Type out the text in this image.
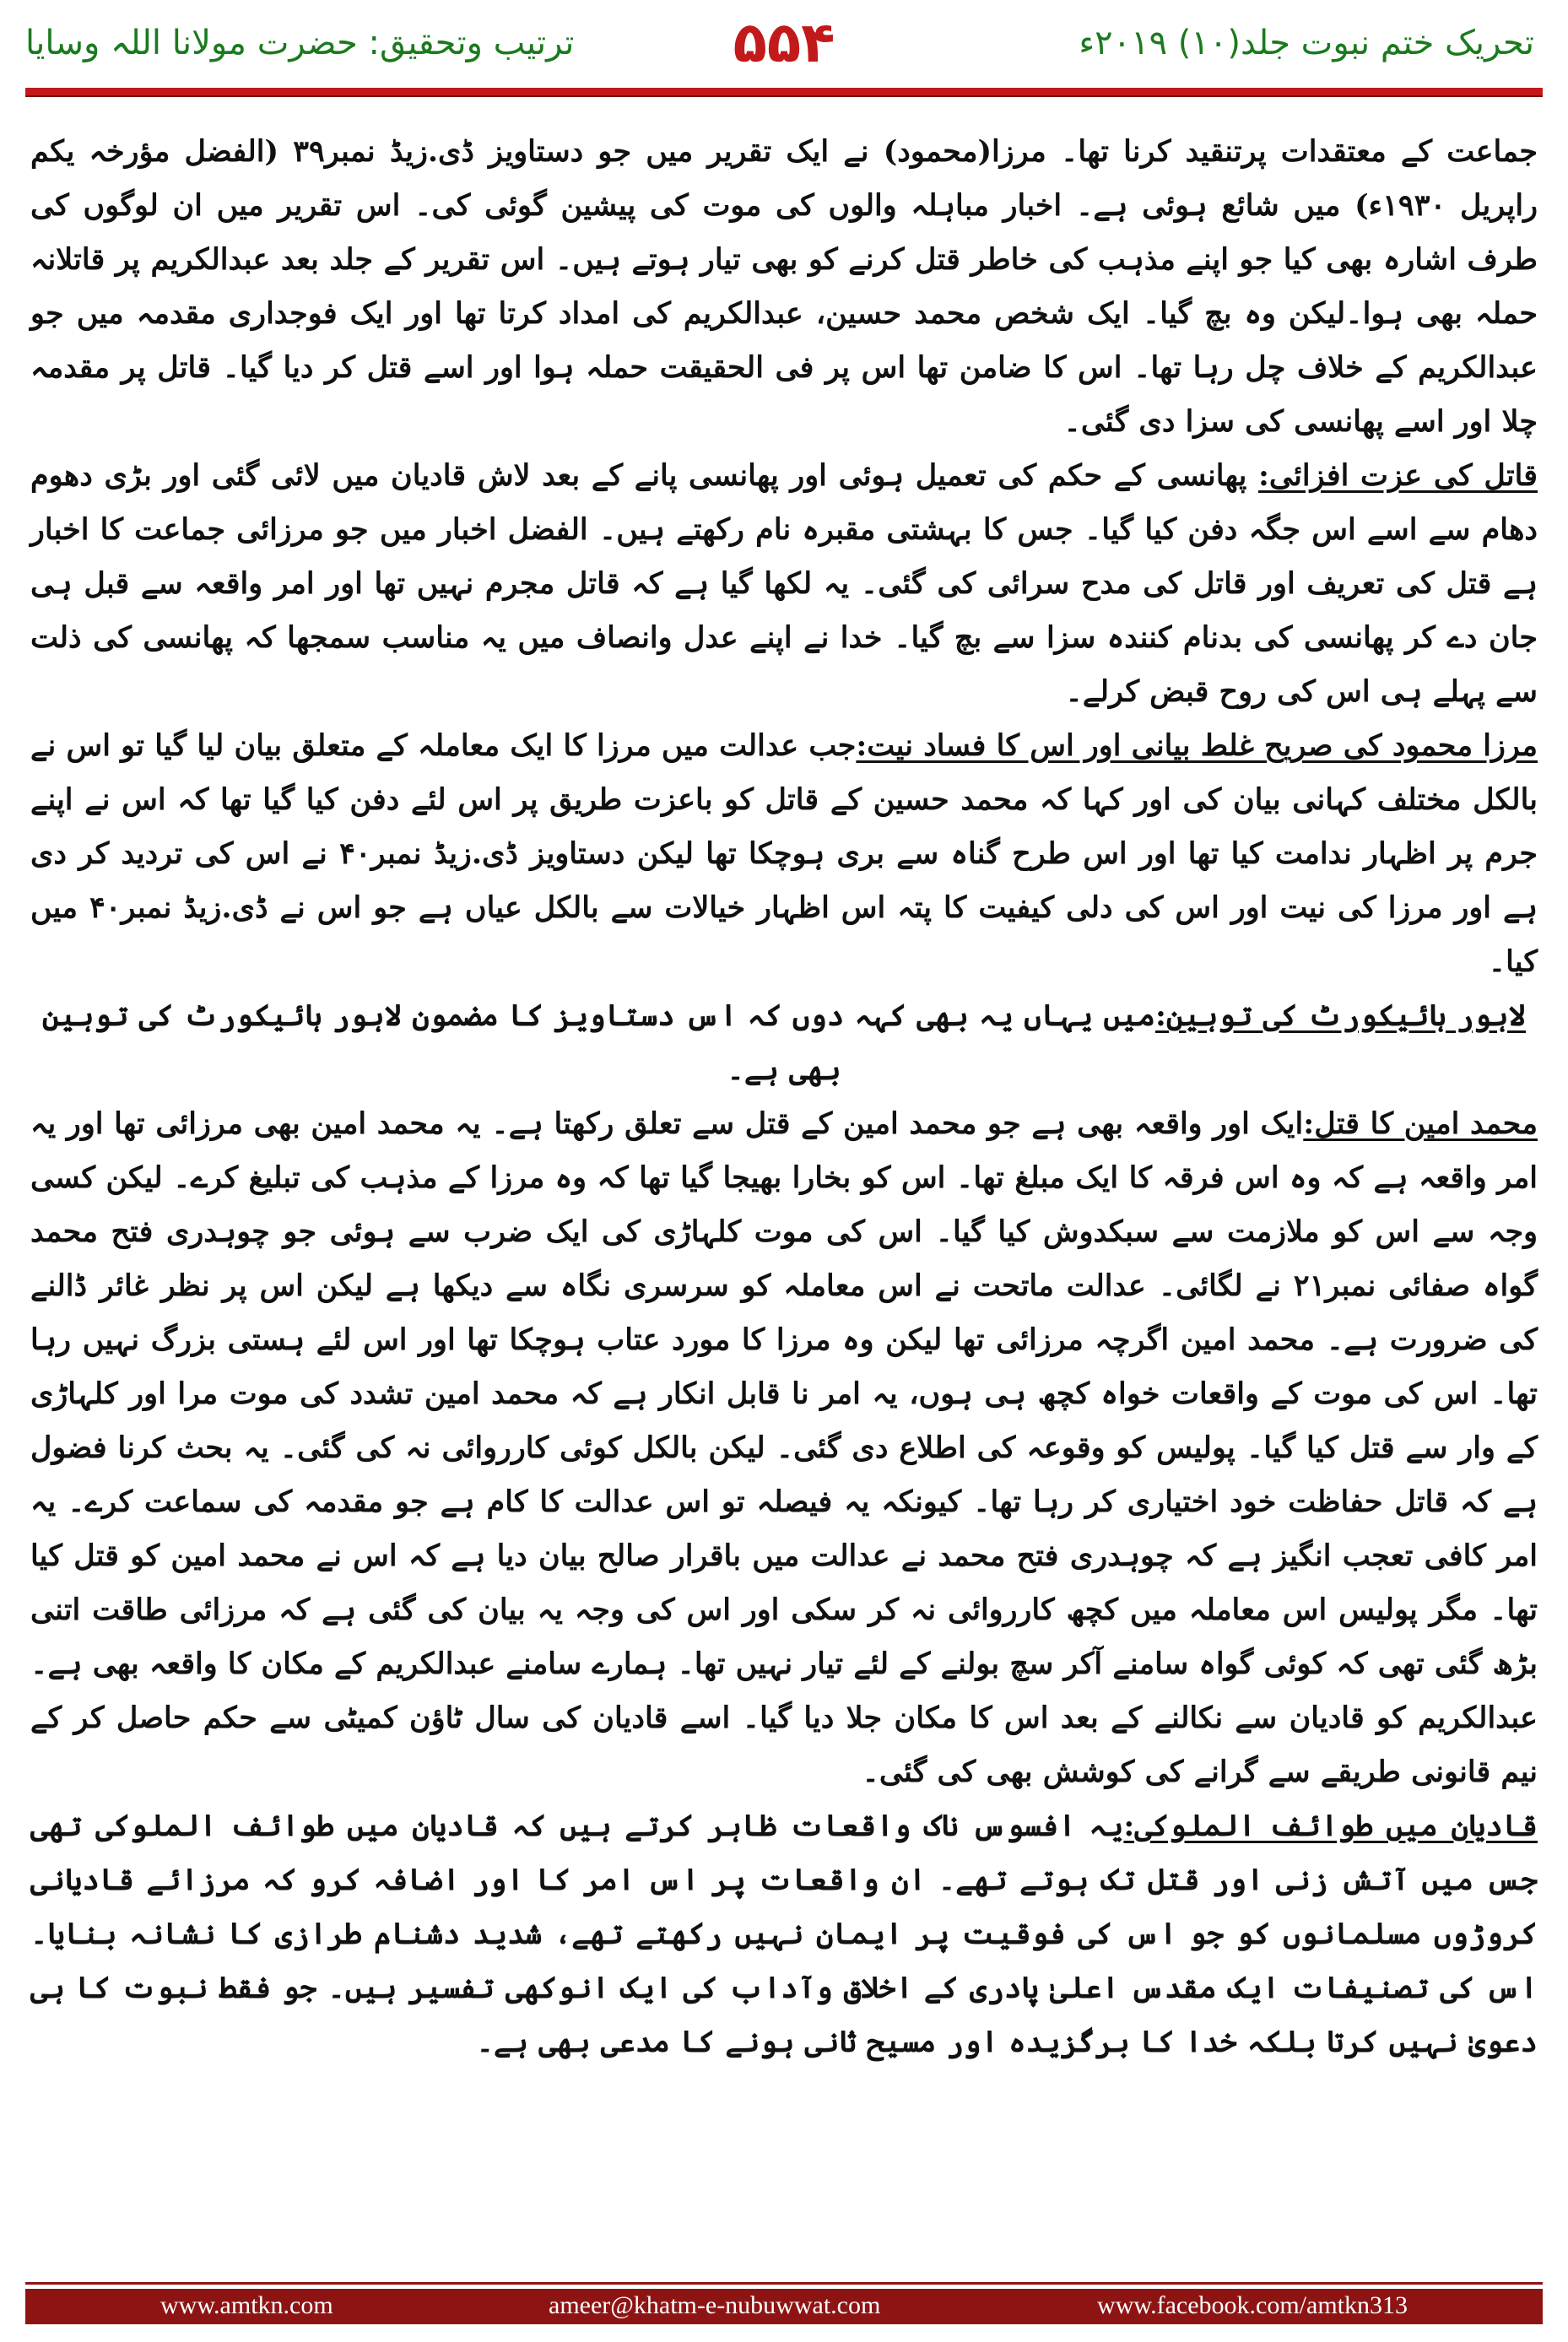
تحریک ختم نبوت جلد(۱۰) ۲۰۱۹ء
۵۵۴
ترتیب وتحقیق: حضرت مولانا اللہ وسایا

جماعت کے معتقدات پرتنقید کرنا تھا۔ مرزا(محمود) نے ایک تقریر میں جو دستاویز ڈی.زیڈ نمبر۳۹ (الفضل مؤرخہ یکم راپریل ۱۹۳۰ء) میں شائع ہوئی ہے۔ اخبار مباہلہ والوں کی موت کی پیشین گوئی کی۔ اس تقریر میں ان لوگوں کی طرف اشارہ بھی کیا جو اپنے مذہب کی خاطر قتل کرنے کو بھی تیار ہوتے ہیں۔ اس تقریر کے جلد بعد عبدالکریم پر قاتلانہ حملہ بھی ہوا۔لیکن وہ بچ گیا۔ ایک شخص محمد حسین، عبدالکریم کی امداد کرتا تھا اور ایک فوجداری مقدمہ میں جو عبدالکریم کے خلاف چل رہا تھا۔ اس کا ضامن تھا اس پر فی الحقیقت حملہ ہوا اور اسے قتل کر دیا گیا۔ قاتل پر مقدمہ چلا اور اسے پھانسی کی سزا دی گئی۔

قاتل کی عزت افزائی: پھانسی کے حکم کی تعمیل ہوئی اور پھانسی پانے کے بعد لاش قادیان میں لائی گئی اور بڑی دھوم دھام سے اسے اس جگہ دفن کیا گیا۔ جس کا بہشتی مقبرہ نام رکھتے ہیں۔ الفضل اخبار میں جو مرزائی جماعت کا اخبار ہے قتل کی تعریف اور قاتل کی مدح سرائی کی گئی۔ یہ لکھا گیا ہے کہ قاتل مجرم نہیں تھا اور امر واقعہ سے قبل ہی جان دے کر پھانسی کی بدنام کنندہ سزا سے بچ گیا۔ خدا نے اپنے عدل وانصاف میں یہ مناسب سمجھا کہ پھانسی کی ذلت سے پہلے ہی اس کی روح قبض کرلے۔

مرزا محمود کی صریح غلط بیانی اور اس کا فساد نیت:جب عدالت میں مرزا کا ایک معاملہ کے متعلق بیان لیا گیا تو اس نے بالکل مختلف کہانی بیان کی اور کہا کہ محمد حسین کے قاتل کو باعزت طریق پر اس لئے دفن کیا گیا تھا کہ اس نے اپنے جرم پر اظہار ندامت کیا تھا اور اس طرح گناہ سے بری ہوچکا تھا لیکن دستاویز ڈی.زیڈ نمبر۴۰ نے اس کی تردید کر دی ہے اور مرزا کی نیت اور اس کی دلی کیفیت کا پتہ اس اظہار خیالات سے بالکل عیاں ہے جو اس نے ڈی.زیڈ نمبر۴۰ میں کیا۔

لاہور ہائیکورٹ کی توہین:میں یہاں یہ بھی کہہ دوں کہ اس دستاویز کا مضمون لاہور ہائیکورٹ کی توہین بھی ہے۔

محمد امین کا قتل:ایک اور واقعہ بھی ہے جو محمد امین کے قتل سے تعلق رکھتا ہے۔ یہ محمد امین بھی مرزائی تھا اور یہ امر واقعہ ہے کہ وہ اس فرقہ کا ایک مبلغ تھا۔ اس کو بخارا بھیجا گیا تھا کہ وہ مرزا کے مذہب کی تبلیغ کرے۔ لیکن کسی وجہ سے اس کو ملازمت سے سبکدوش کیا گیا۔ اس کی موت کلہاڑی کی ایک ضرب سے ہوئی جو چوہدری فتح محمد گواہ صفائی نمبر۲۱ نے لگائی۔ عدالت ماتحت نے اس معاملہ کو سرسری نگاہ سے دیکھا ہے لیکن اس پر نظر غائر ڈالنے کی ضرورت ہے۔ محمد امین اگرچہ مرزائی تھا لیکن وہ مرزا کا مورد عتاب ہوچکا تھا اور اس لئے ہستی بزرگ نہیں رہا تھا۔ اس کی موت کے واقعات خواہ کچھ ہی ہوں، یہ امر نا قابل انکار ہے کہ محمد امین تشدد کی موت مرا اور کلہاڑی کے وار سے قتل کیا گیا۔ پولیس کو وقوعہ کی اطلاع دی گئی۔ لیکن بالکل کوئی کارروائی نہ کی گئی۔ یہ بحث کرنا فضول ہے کہ قاتل حفاظت خود اختیاری کر رہا تھا۔ کیونکہ یہ فیصلہ تو اس عدالت کا کام ہے جو مقدمہ کی سماعت کرے۔ یہ امر کافی تعجب انگیز ہے کہ چوہدری فتح محمد نے عدالت میں باقرار صالح بیان دیا ہے کہ اس نے محمد امین کو قتل کیا تھا۔ مگر پولیس اس معاملہ میں کچھ کارروائی نہ کر سکی اور اس کی وجہ یہ بیان کی گئی ہے کہ مرزائی طاقت اتنی بڑھ گئی تھی کہ کوئی گواہ سامنے آکر سچ بولنے کے لئے تیار نہیں تھا۔ ہمارے سامنے عبدالکریم کے مکان کا واقعہ بھی ہے۔ عبدالکریم کو قادیان سے نکالنے کے بعد اس کا مکان جلا دیا گیا۔ اسے قادیان کی سال ٹاؤن کمیٹی سے حکم حاصل کر کے نیم قانونی طریقے سے گرانے کی کوشش بھی کی گئی۔

قادیان میں طوائف الملوکی:یہ افسوس ناک واقعات ظاہر کرتے ہیں کہ قادیان میں طوائف الملوکی تھی جس میں آتش زنی اور قتل تک ہوتے تھے۔ ان واقعات پر اس امر کا اور اضافہ کرو کہ مرزائے قادیانی کروڑوں مسلمانوں کو جو اس کی فوقیت پر ایمان نہیں رکھتے تھے، شدید دشنام طرازی کا نشانہ بنایا۔ اس کی تصنیفات ایک مقدس اعلیٰ پادری کے اخلاق وآداب کی ایک انوکھی تفسیر ہیں۔ جو فقط نبوت کا ہی دعویٰ نہیں کرتا بلکہ خدا کا برگزیدہ اور مسیح ثانی ہونے کا مدعی بھی ہے۔

www.amtkn.com	ameer@khatm-e-nubuwwat.com	www.facebook.com/amtkn313
